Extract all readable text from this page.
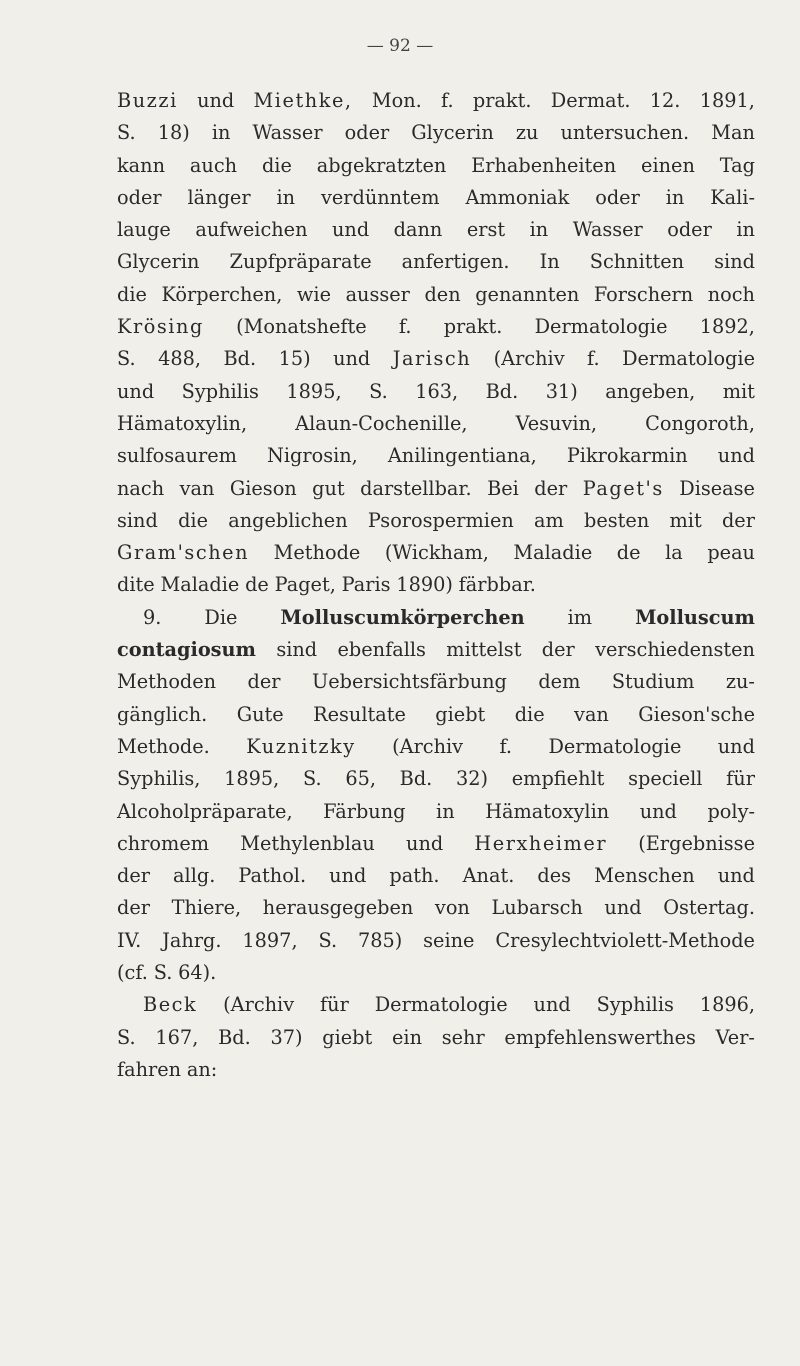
— 92 —
Buzzi und Miethke, Mon. f. prakt. Dermat. 12. 1891,
S. 18) in Wasser oder Glycerin zu untersuchen. Man
kann auch die abgekratzten Erhabenheiten einen Tag
oder länger in verdünntem Ammoniak oder in Kali-
lauge aufweichen und dann erst in Wasser oder in
Glycerin Zupfpräparate anfertigen. In Schnitten sind
die Körperchen, wie ausser den genannten Forschern noch
Krösing (Monatshefte f. prakt. Dermatologie 1892,
S. 488, Bd. 15) und Jarisch (Archiv f. Dermatologie
und Syphilis 1895, S. 163, Bd. 31) angeben, mit
Hämatoxylin, Alaun-Cochenille, Vesuvin, Congoroth,
sulfosaurem Nigrosin, Anilingentiana, Pikrokarmin und
nach van Gieson gut darstellbar. Bei der Paget's Disease
sind die angeblichen Psorospermien am besten mit der
Gram'schen Methode (Wickham, Maladie de la peau
dite Maladie de Paget, Paris 1890) färbbar.
9. Die Molluscumkörperchen im Molluscum
contagiosum sind ebenfalls mittelst der verschiedensten
Methoden der Uebersichtsfärbung dem Studium zu-
gänglich. Gute Resultate giebt die van Gieson'sche
Methode. Kuznitzky (Archiv f. Dermatologie und
Syphilis, 1895, S. 65, Bd. 32) empfiehlt speciell für
Alcoholpräparate, Färbung in Hämatoxylin und poly-
chromem Methylenblau und Herxheimer (Ergebnisse
der allg. Pathol. und path. Anat. des Menschen und
der Thiere, herausgegeben von Lubarsch und Ostertag.
IV. Jahrg. 1897, S. 785) seine Cresylechtviolett-Methode
(cf. S. 64).
Beck (Archiv für Dermatologie und Syphilis 1896,
S. 167, Bd. 37) giebt ein sehr empfehlenswerthes Ver-
fahren an:
